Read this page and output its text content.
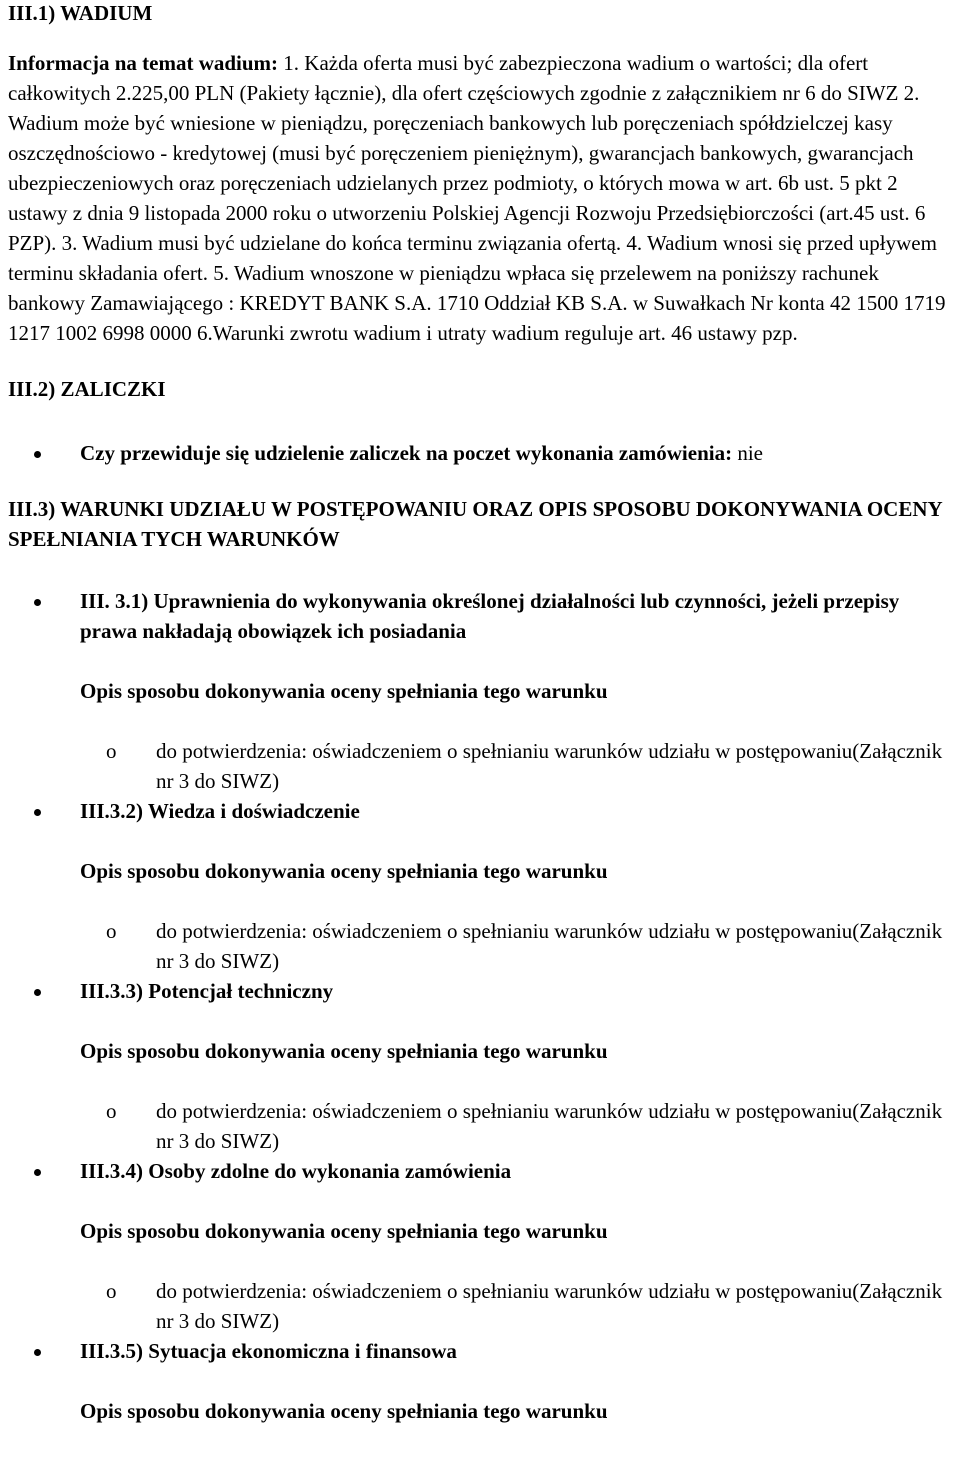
III.1) WADIUM

Informacja na temat wadium: 1. Każda oferta musi być zabezpieczona wadium o wartości; dla ofert całkowitych 2.225,00 PLN (Pakiety łącznie), dla ofert częściowych zgodnie z załącznikiem nr 6 do SIWZ 2. Wadium może być wniesione w pieniądzu, poręczeniach bankowych lub poręczeniach spółdzielczej kasy oszczędnościowo - kredytowej (musi być poręczeniem pieniężnym), gwarancjach bankowych, gwarancjach ubezpieczeniowych oraz poręczeniach udzielanych przez podmioty, o których mowa w art. 6b ust. 5 pkt 2 ustawy z dnia 9 listopada 2000 roku o utworzeniu Polskiej Agencji Rozwoju Przedsiębiorczości (art.45 ust. 6 PZP). 3. Wadium musi być udzielane do końca terminu związania ofertą. 4. Wadium wnosi się przed upływem terminu składania ofert. 5. Wadium wnoszone w pieniądzu wpłaca się przelewem na poniższy rachunek bankowy Zamawiającego : KREDYT BANK S.A. 1710 Oddział KB S.A. w Suwałkach Nr konta 42 1500 1719 1217 1002 6998 0000 6.Warunki zwrotu wadium i utraty wadium reguluje art. 46 ustawy pzp.

III.2) ZALICZKI

Czy przewiduje się udzielenie zaliczek na poczet wykonania zamówienia: nie

III.3) WARUNKI UDZIAŁU W POSTĘPOWANIU ORAZ OPIS SPOSOBU DOKONYWANIA OCENY SPEŁNIANIA TYCH WARUNKÓW

III. 3.1) Uprawnienia do wykonywania określonej działalności lub czynności, jeżeli przepisy prawa nakładają obowiązek ich posiadania

Opis sposobu dokonywania oceny spełniania tego warunku

o do potwierdzenia: oświadczeniem o spełnianiu warunków udziału w postępowaniu(Załącznik nr 3 do SIWZ)
III.3.2) Wiedza i doświadczenie

Opis sposobu dokonywania oceny spełniania tego warunku

o do potwierdzenia: oświadczeniem o spełnianiu warunków udziału w postępowaniu(Załącznik nr 3 do SIWZ)
III.3.3) Potencjał techniczny

Opis sposobu dokonywania oceny spełniania tego warunku

o do potwierdzenia: oświadczeniem o spełnianiu warunków udziału w postępowaniu(Załącznik nr 3 do SIWZ)
III.3.4) Osoby zdolne do wykonania zamówienia

Opis sposobu dokonywania oceny spełniania tego warunku

o do potwierdzenia: oświadczeniem o spełnianiu warunków udziału w postępowaniu(Załącznik nr 3 do SIWZ)
III.3.5) Sytuacja ekonomiczna i finansowa

Opis sposobu dokonywania oceny spełniania tego warunku
